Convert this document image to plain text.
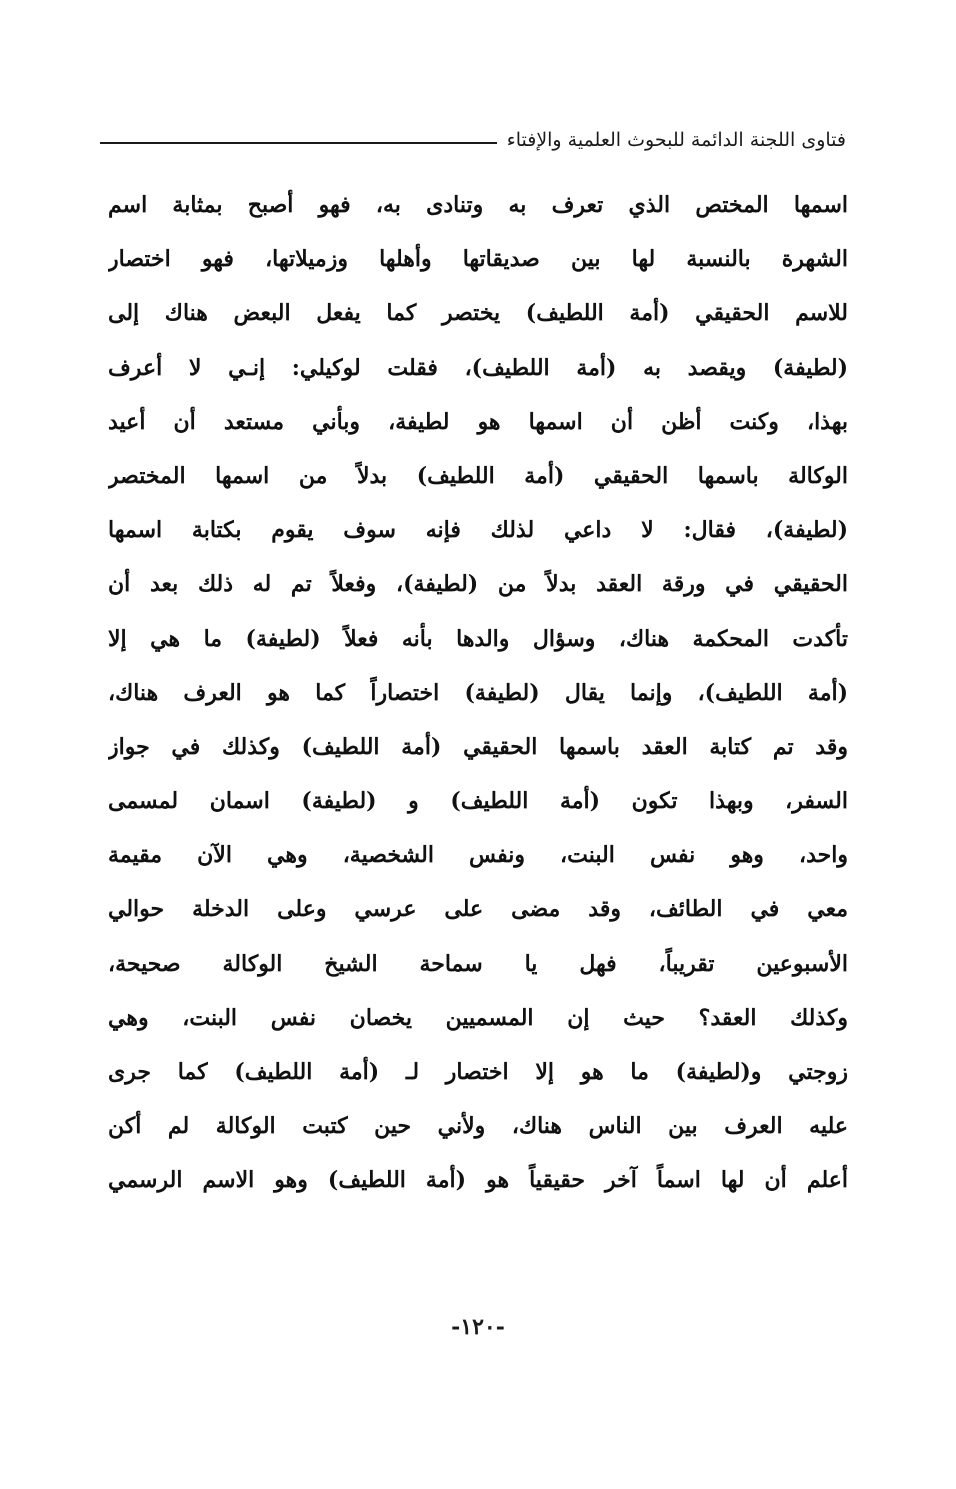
فتاوى اللجنة الدائمة للبحوث العلمية والإفتاء
اسمها المختص الذي تعرف به وتنادى به، فهو أصبح بمثابة اسم
الشهرة بالنسبة لها بين صديقاتها وأهلها وزميلاتها، فهو اختصار
للاسم الحقيقي (أمة اللطيف) يختصر كما يفعل البعض هناك إلى
(لطيفة) ويقصد به (أمة اللطيف)، فقلت لوكيلي: إنـي لا أعرف
بهذا، وكنت أظن أن اسمها هو لطيفة، وبأني مستعد أن أعيد
الوكالة باسمها الحقيقي (أمة اللطيف) بدلاً من اسمها المختصر
(لطيفة)، فقال: لا داعي لذلك فإنه سوف يقوم بكتابة اسمها
الحقيقي في ورقة العقد بدلاً من (لطيفة)، وفعلاً تم له ذلك بعد أن
تأكدت المحكمة هناك، وسؤال والدها بأنه فعلاً (لطيفة) ما هي إلا
(أمة اللطيف)، وإنما يقال (لطيفة) اختصاراً كما هو العرف هناك،
وقد تم كتابة العقد باسمها الحقيقي (أمة اللطيف) وكذلك في جواز
السفر، وبهذا تكون (أمة اللطيف) و (لطيفة) اسمان لمسمى
واحد، وهو نفس البنت، ونفس الشخصية، وهي الآن مقيمة
معي في الطائف، وقد مضى على عرسي وعلى الدخلة حوالي
الأسبوعين تقريباً، فهل يا سماحة الشيخ الوكالة صحيحة،
وكذلك العقد؟ حيث إن المسميين يخصان نفس البنت، وهي
زوجتي و(لطيفة) ما هو إلا اختصار لـ (أمة اللطيف) كما جرى
عليه العرف بين الناس هناك، ولأني حين كتبت الوكالة لم أكن
أعلم أن لها اسماً آخر حقيقياً هو (أمة اللطيف) وهو الاسم الرسمي
-١٢٠-
